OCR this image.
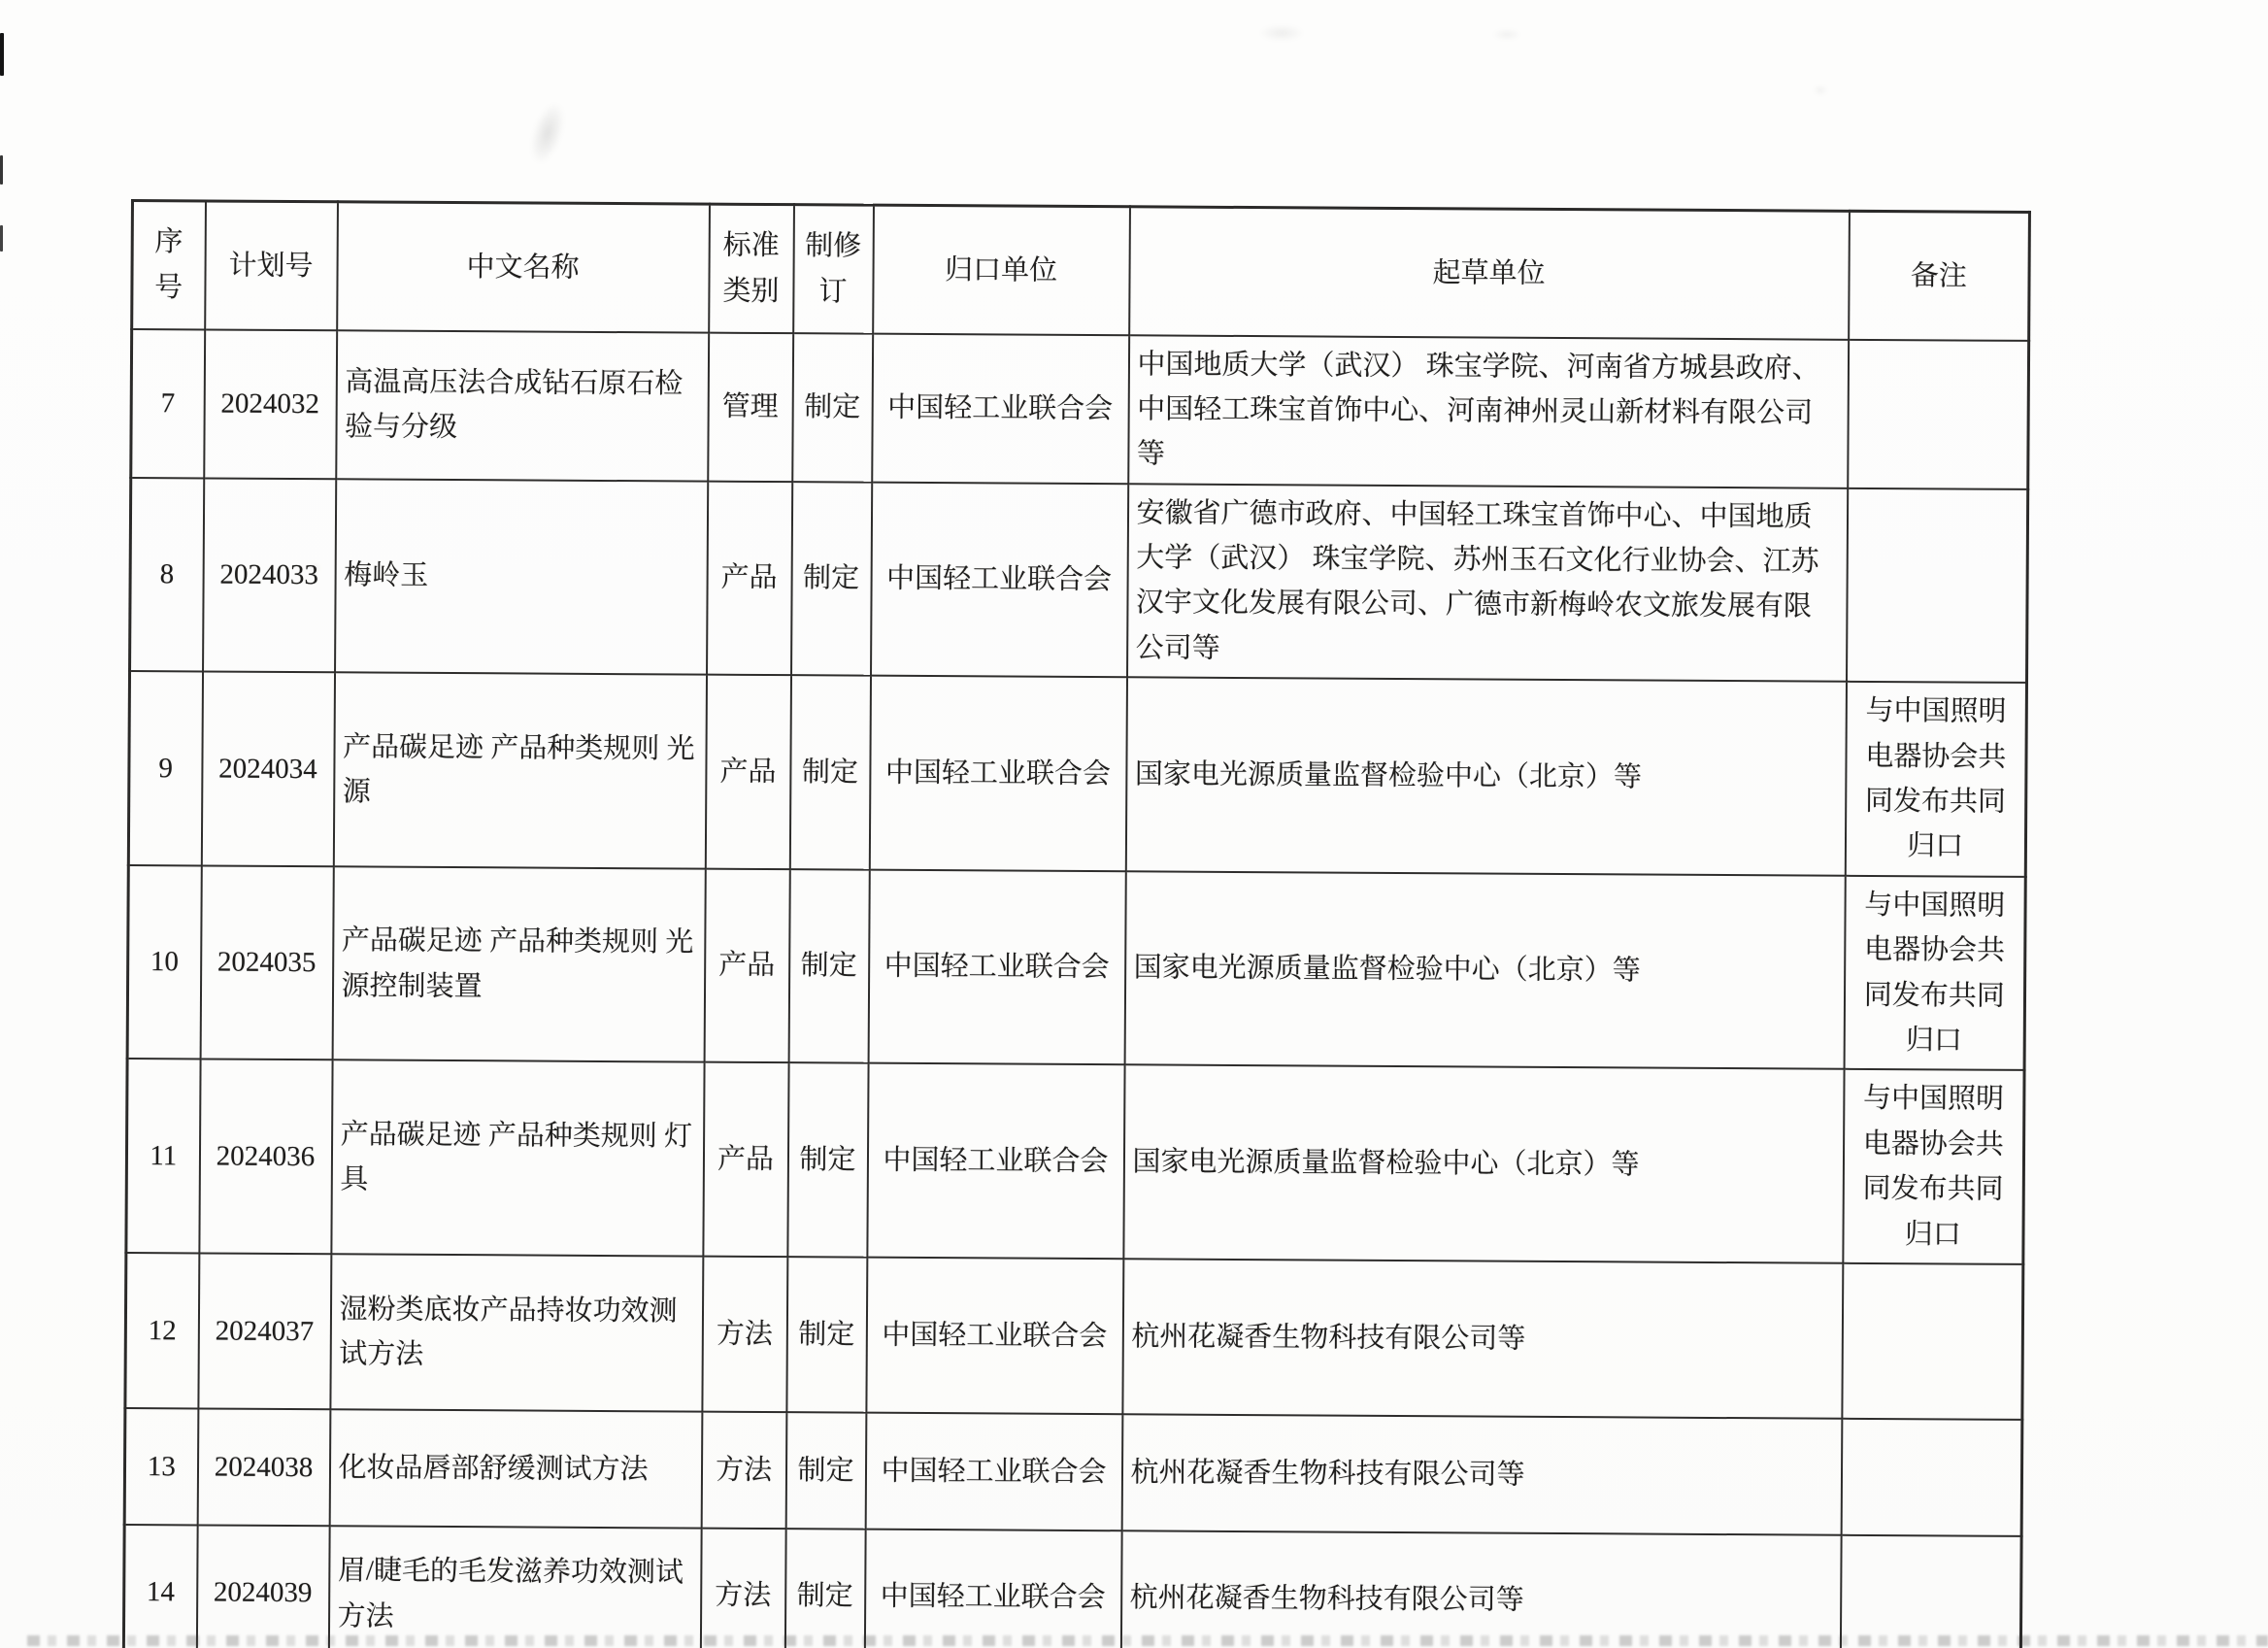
序号	计划号	中文名称	标准类别	制修订	归口单位	起草单位	备注
7	2024032	高温高压法合成钻石原石检验与分级	管理	制定	中国轻工业联合会	中国地质大学（武汉） 珠宝学院、河南省方城县政府、中国轻工珠宝首饰中心、河南神州灵山新材料有限公司等	
8	2024033	梅岭玉	产品	制定	中国轻工业联合会	安徽省广德市政府、中国轻工珠宝首饰中心、中国地质大学（武汉） 珠宝学院、苏州玉石文化行业协会、江苏汉宇文化发展有限公司、广德市新梅岭农文旅发展有限公司等	
9	2024034	产品碳足迹 产品种类规则 光源	产品	制定	中国轻工业联合会	国家电光源质量监督检验中心（北京）等	与中国照明电器协会共同发布共同归口
10	2024035	产品碳足迹 产品种类规则 光源控制装置	产品	制定	中国轻工业联合会	国家电光源质量监督检验中心（北京）等	与中国照明电器协会共同发布共同归口
11	2024036	产品碳足迹 产品种类规则 灯具	产品	制定	中国轻工业联合会	国家电光源质量监督检验中心（北京）等	与中国照明电器协会共同发布共同归口
12	2024037	湿粉类底妆产品持妆功效测试方法	方法	制定	中国轻工业联合会	杭州花凝香生物科技有限公司等	
13	2024038	化妆品唇部舒缓测试方法	方法	制定	中国轻工业联合会	杭州花凝香生物科技有限公司等	
14	2024039	眉/睫毛的毛发滋养功效测试方法	方法	制定	中国轻工业联合会	杭州花凝香生物科技有限公司等	
